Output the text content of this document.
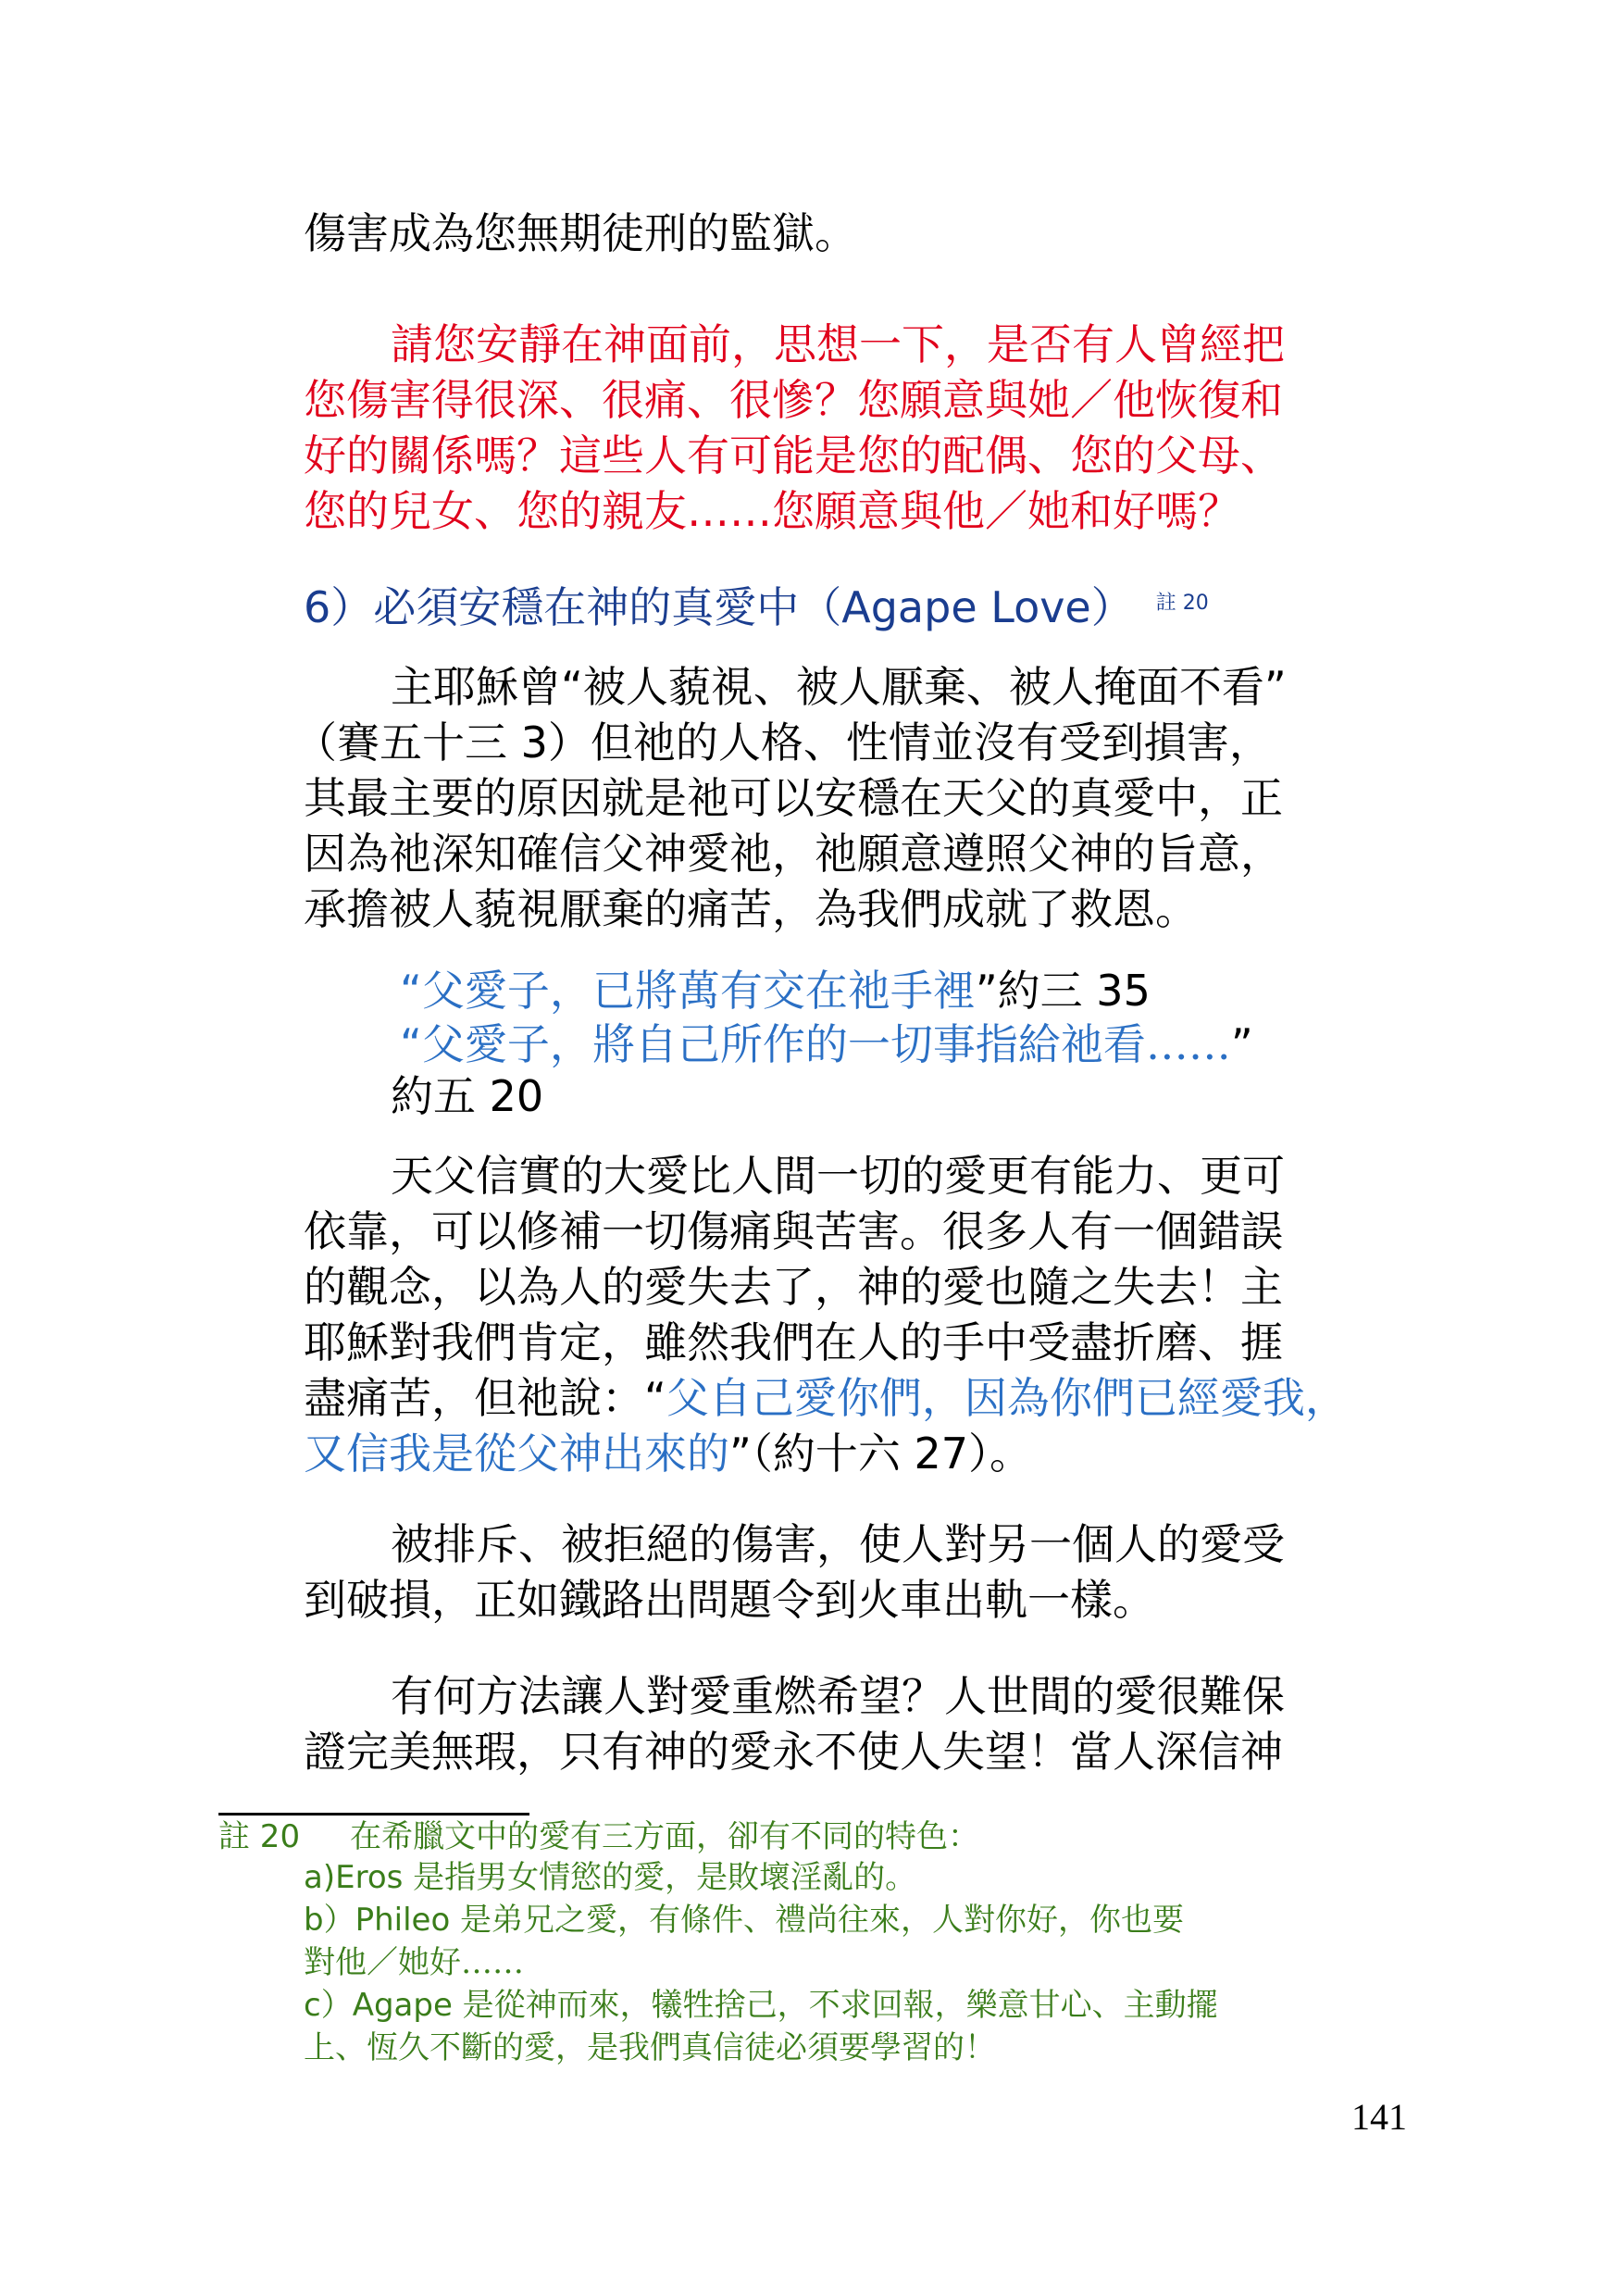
傷害成為您無期徒刑的監獄。
請您安靜在神面前，思想一下，是否有人曾經把
您傷害得很深、很痛、很慘？您願意與她／他恢復和
好的關係嗎？這些人有可能是您的配偶、您的父母、
您的兒女、您的親友……您願意與他／她和好嗎？
6）必須安穩在神的真愛中（Agape Love） $^{註 20}$
主耶穌曾“被人藐視、被人厭棄、被人掩面不看”
（賽五十三 3）但祂的人格、性情並沒有受到損害，
其最主要的原因就是祂可以安穩在天父的真愛中，正
因為祂深知確信父神愛祂，祂願意遵照父神的旨意，
承擔被人藐視厭棄的痛苦，為我們成就了救恩。
“父愛子，已將萬有交在祂手裡”約三 35
“父愛子，將自己所作的一切事指給祂看……”
約五 20
天父信實的大愛比人間一切的愛更有能力、更可
依靠，可以修補一切傷痛與苦害。很多人有一個錯誤
的觀念，以為人的愛失去了，神的愛也隨之失去！主
耶穌對我們肯定，雖然我們在人的手中受盡折磨、捱
盡痛苦，但祂說：“父自己愛你們，因為你們已經愛我，
又信我是從父神出來的”（約十六 27）。
被排斥、被拒絕的傷害，使人對另一個人的愛受
到破損，正如鐵路出問題令到火車出軌一樣。
有何方法讓人對愛重燃希望？人世間的愛很難保
證完美無瑕，只有神的愛永不使人失望！當人深信神
註 20 在希臘文中的愛有三方面，卻有不同的特色：
a)Eros 是指男女情慾的愛，是敗壞淫亂的。
b）Phileo 是弟兄之愛，有條件、禮尚往來，人對你好，你也要
對他／她好……
c）Agape 是從神而來，犧牲捨己，不求回報，樂意甘心、主動擺
上、恆久不斷的愛，是我們真信徒必須要學習的！
141
